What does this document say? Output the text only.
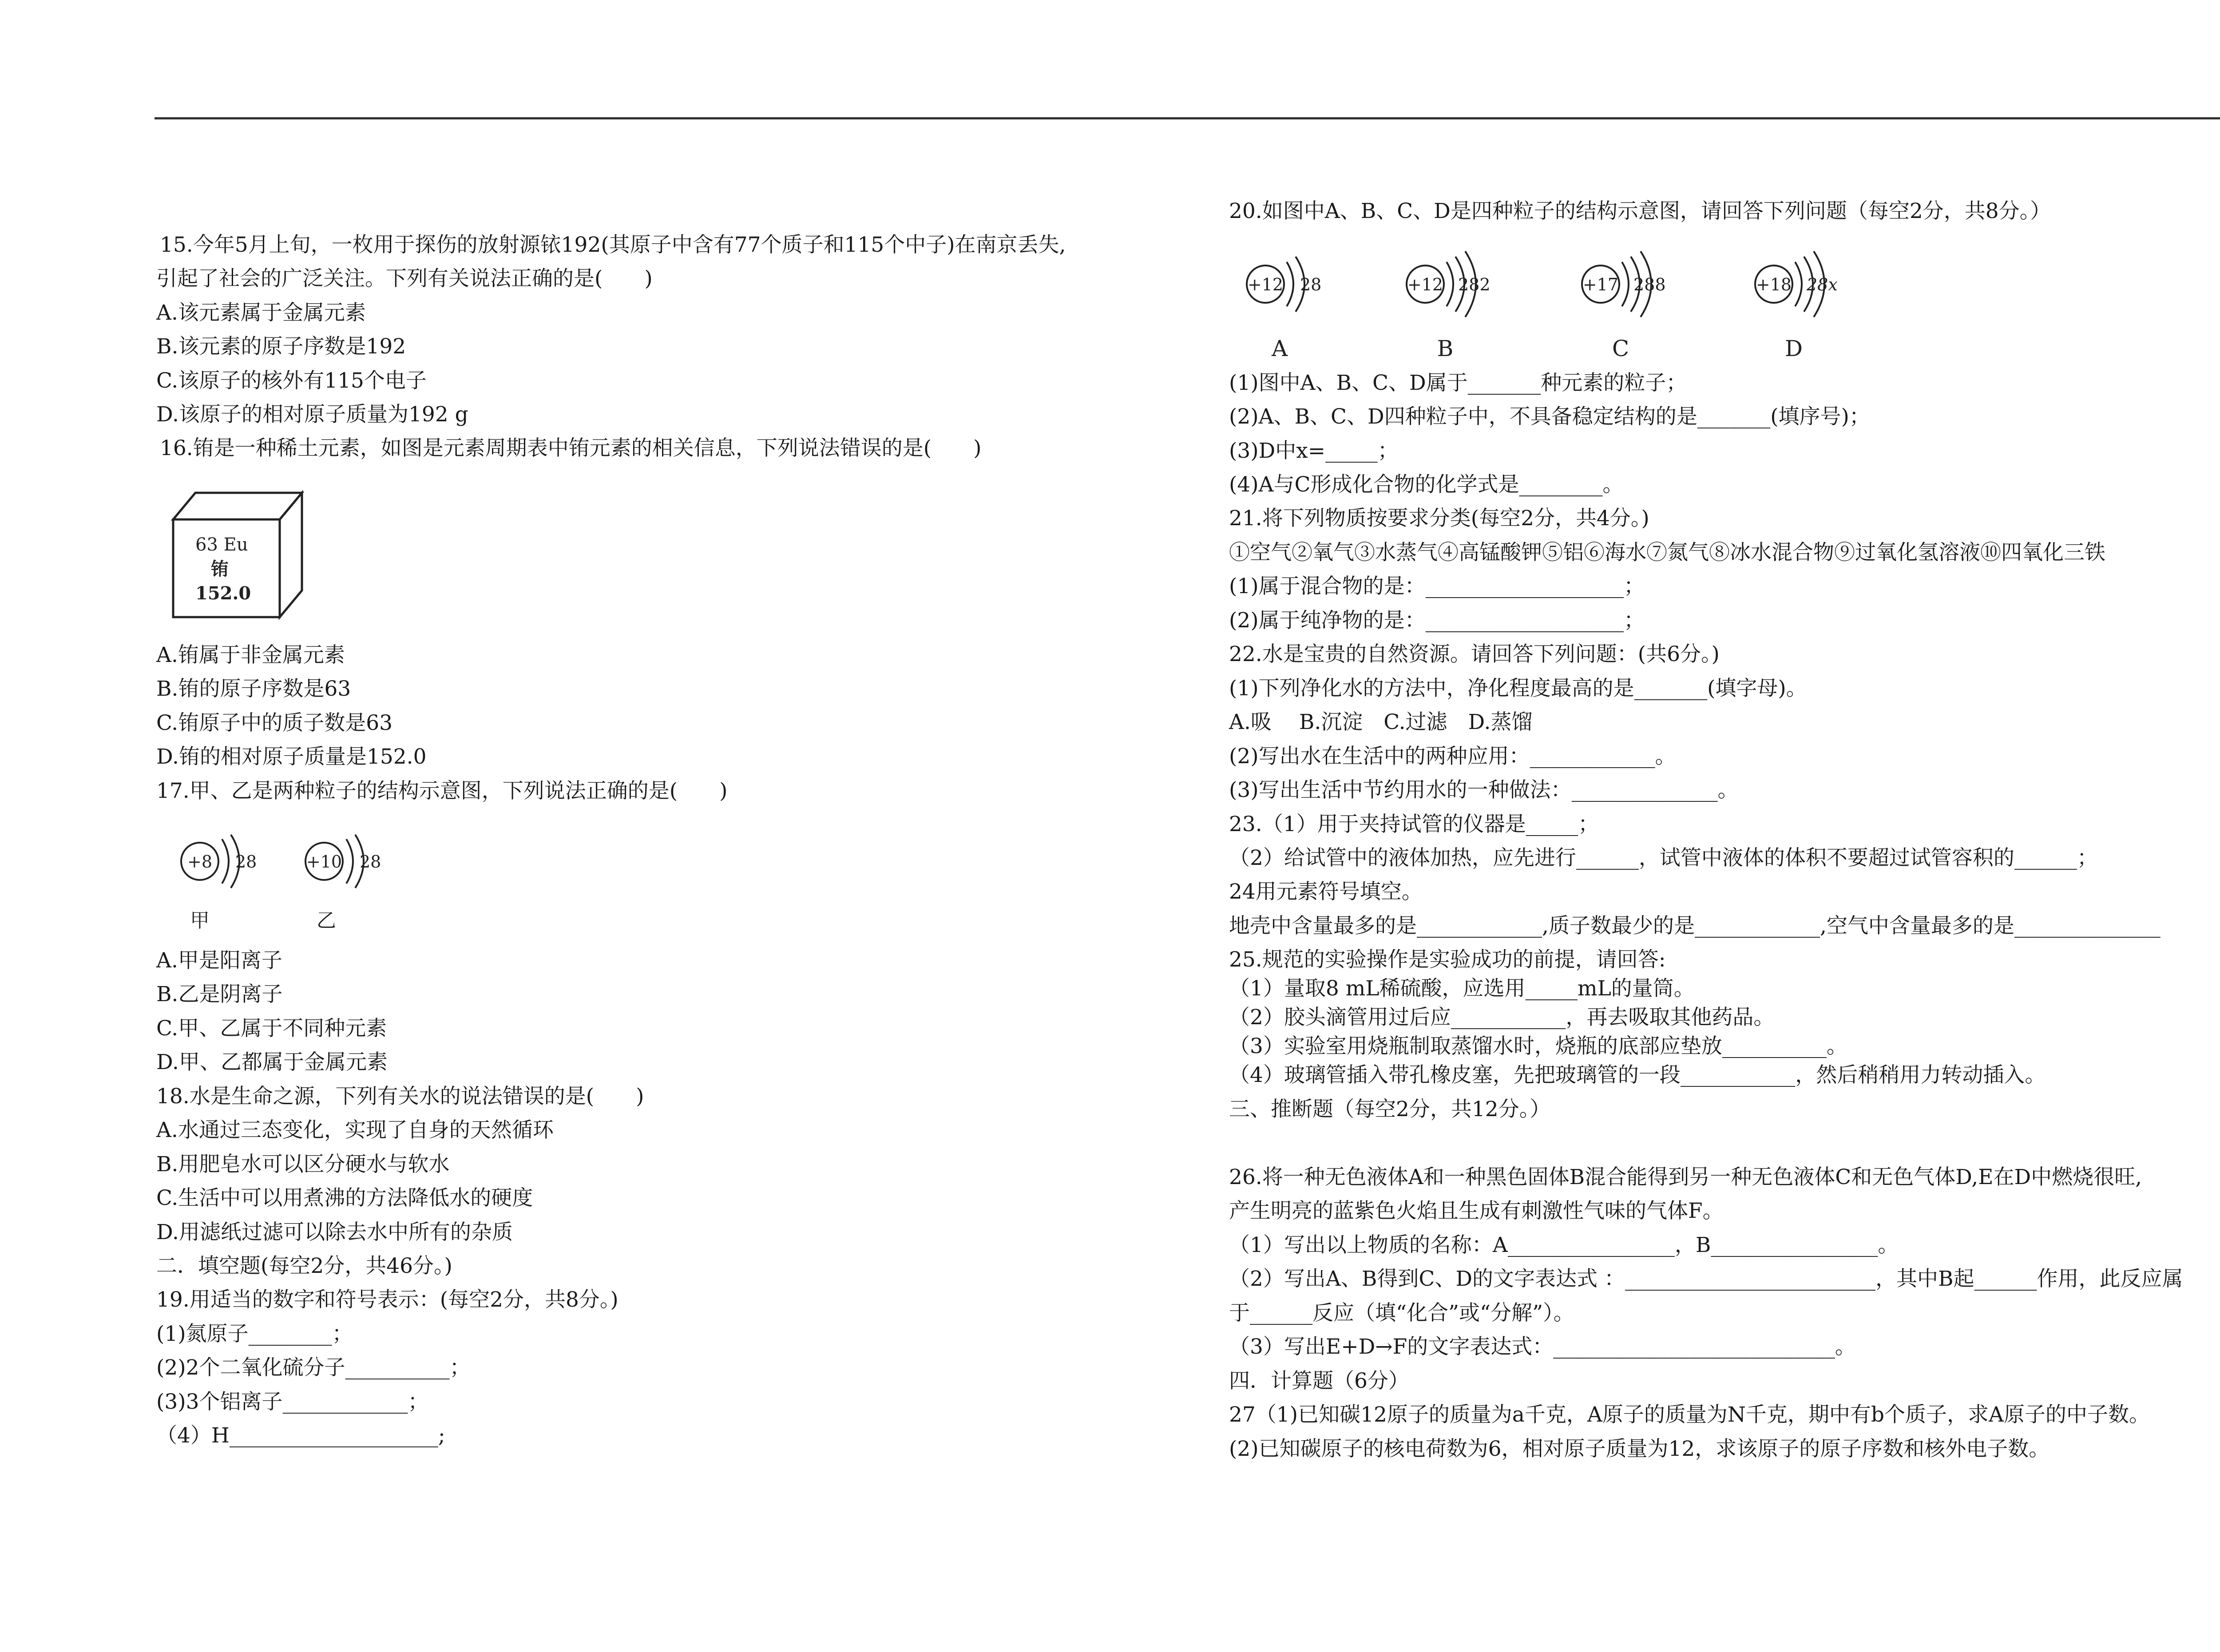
15.今年5月上旬，一枚用于探伤的放射源铱192(其原子中含有77个质子和115个中子)在南京丢失,
引起了社会的广泛关注。下列有关说法正确的是(　　)
A.该元素属于金属元素
B.该元素的原子序数是192
C.该原子的核外有115个电子
D.该原子的相对原子质量为192 g
16.铕是一种稀土元素，如图是元素周期表中铕元素的相关信息，下列说法错误的是(　　)
63 Eu
铕
152.0
A.铕属于非金属元素
B.铕的原子序数是63
C.铕原子中的质子数是63
D.铕的相对原子质量是152.0
17.甲、乙是两种粒子的结构示意图，下列说法正确的是(　　)
+8 28
甲
+10 28
乙
A.甲是阳离子
B.乙是阴离子
C.甲、乙属于不同种元素
D.甲、乙都属于金属元素
18.水是生命之源，下列有关水的说法错误的是(　　)
A.水通过三态变化，实现了自身的天然循环
B.用肥皂水可以区分硬水与软水
C.生活中可以用煮沸的方法降低水的硬度
D.用滤纸过滤可以除去水中所有的杂质
二．填空题(每空2分，共46分。)
19.用适当的数字和符号表示：(每空2分，共8分。)
(1)氮原子________；
(2)2个二氧化硫分子__________；
(3)3个铝离子____________；
（4）H____________________;
20.如图中A、B、C、D是四种粒子的结构示意图，请回答下列问题（每空2分，共8分。）
+12 28
A
+12 282
B
+17 288
C
+18 28x
D
(1)图中A、B、C、D属于_______种元素的粒子；
(2)A、B、C、D四种粒子中，不具备稳定结构的是_______(填序号)；
(3)D中x=_____；
(4)A与C形成化合物的化学式是________。
21.将下列物质按要求分类(每空2分，共4分。)
①空气②氧气③水蒸气④高锰酸钾⑤铝⑥海水⑦氮气⑧冰水混合物⑨过氧化氢溶液⑩四氧化三铁
(1)属于混合物的是：___________________；
(2)属于纯净物的是：___________________；
22.水是宝贵的自然资源。请回答下列问题：(共6分。)
(1)下列净化水的方法中，净化程度最高的是_______(填字母)。
A.吸　 B.沉淀　C.过滤　D.蒸馏
(2)写出水在生活中的两种应用：____________。
(3)写出生活中节约用水的一种做法：______________。
23.（1）用于夹持试管的仪器是_____；
（2）给试管中的液体加热，应先进行______，试管中液体的体积不要超过试管容积的______；
24用元素符号填空。
地壳中含量最多的是____________,质子数最少的是____________,空气中含量最多的是______________
25.规范的实验操作是实验成功的前提，请回答:
（1）量取8 mL稀硫酸，应选用_____mL的量筒。
（2）胶头滴管用过后应___________，再去吸取其他药品。
（3）实验室用烧瓶制取蒸馏水时，烧瓶的底部应垫放__________。
（4）玻璃管插入带孔橡皮塞，先把玻璃管的一段___________，然后稍稍用力转动插入。
三、推断题（每空2分，共12分。）
26.将一种无色液体A和一种黑色固体B混合能得到另一种无色液体C和无色气体D,E在D中燃烧很旺,
产生明亮的蓝紫色火焰且生成有刺激性气味的气体F。
（1）写出以上物质的名称：A________________，B________________。
（2）写出A、B得到C、D的文字表达式 ：________________________，其中B起______作用，此反应属
于______反应（填“化合”或“分解”）。
（3）写出E+D→F的文字表达式：___________________________。
四．计算题（6分）
27（1)已知碳12原子的质量为a千克，A原子的质量为N千克，期中有b个质子，求A原子的中子数。
(2)已知碳原子的核电荷数为6，相对原子质量为12，求该原子的原子序数和核外电子数。
